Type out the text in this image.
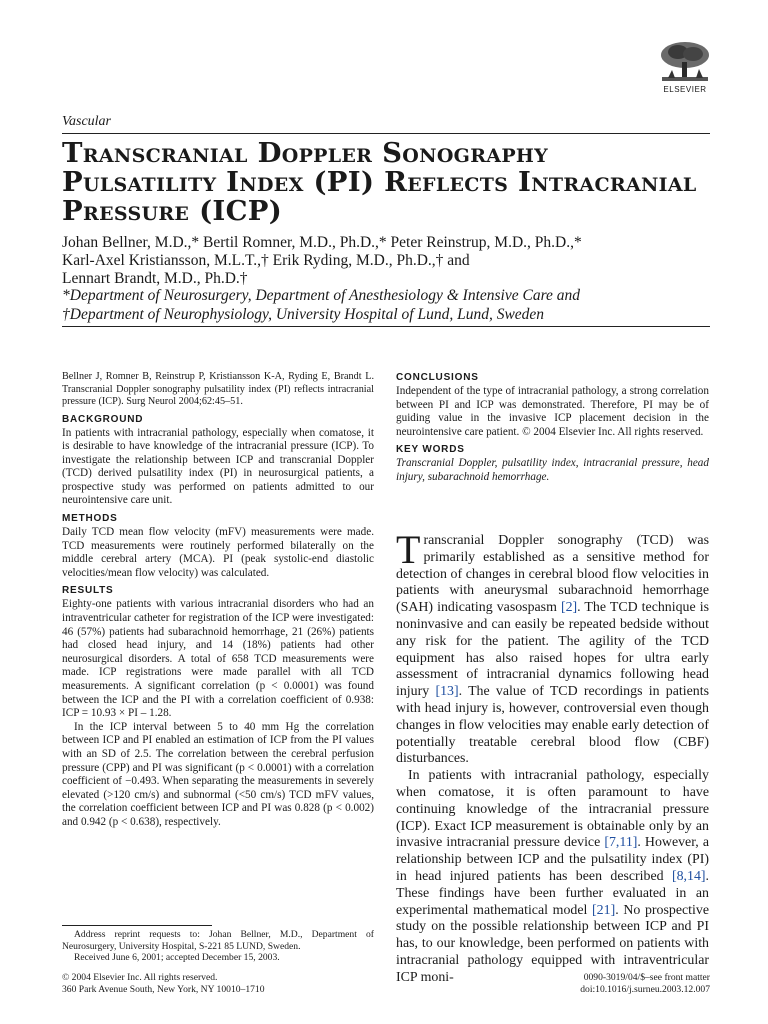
ELSEVIER
Vascular
Transcranial Doppler Sonography Pulsatility Index (PI) Reflects Intracranial Pressure (ICP)
Johan Bellner, M.D.,* Bertil Romner, M.D., Ph.D.,* Peter Reinstrup, M.D., Ph.D.,*
Karl-Axel Kristiansson, M.L.T.,† Erik Ryding, M.D., Ph.D.,† and
Lennart Brandt, M.D., Ph.D.†
*Department of Neurosurgery, Department of Anesthesiology & Intensive Care and
†Department of Neurophysiology, University Hospital of Lund, Lund, Sweden

Bellner J, Romner B, Reinstrup P, Kristiansson K-A, Ryding E, Brandt L. Transcranial Doppler sonography pulsatility index (PI) reflects intracranial pressure (ICP). Surg Neurol 2004;62:45–51.

BACKGROUND

In patients with intracranial pathology, especially when comatose, it is desirable to have knowledge of the intracranial pressure (ICP). To investigate the relationship between ICP and transcranial Doppler (TCD) derived pulsatility index (PI) in neurosurgical patients, a prospective study was performed on patients admitted to our neurointensive care unit.

METHODS

Daily TCD mean flow velocity (mFV) measurements were made. TCD measurements were routinely performed bilaterally on the middle cerebral artery (MCA). PI (peak systolic-end diastolic velocities/mean flow velocity) was calculated.

RESULTS

Eighty-one patients with various intracranial disorders who had an intraventricular catheter for registration of the ICP were investigated: 46 (57%) patients had subarachnoid hemorrhage, 21 (26%) patients had closed head injury, and 14 (18%) patients had other neurosurgical disorders. A total of 658 TCD measurements were made. ICP registrations were made parallel with all TCD measurements. A significant correlation (p < 0.0001) was found between the ICP and the PI with a correlation coefficient of 0.938: ICP = 10.93 × PI – 1.28.

In the ICP interval between 5 to 40 mm Hg the correlation between ICP and PI enabled an estimation of ICP from the PI values with an SD of 2.5. The correlation between the cerebral perfusion pressure (CPP) and PI was significant (p < 0.0001) with a correlation coefficient of −0.493. When separating the measurements in severely elevated (>120 cm/s) and subnormal (<50 cm/s) TCD mFV values, the correlation coefficient between ICP and PI was 0.828 (p < 0.002) and 0.942 (p < 0.638), respectively.

CONCLUSIONS

Independent of the type of intracranial pathology, a strong correlation between PI and ICP was demonstrated. Therefore, PI may be of guiding value in the invasive ICP placement decision in the neurointensive care patient. © 2004 Elsevier Inc. All rights reserved.

KEY WORDS

Transcranial Doppler, pulsatility index, intracranial pressure, head injury, subarachnoid hemorrhage.

Transcranial Doppler sonography (TCD) was primarily established as a sensitive method for detection of changes in cerebral blood flow velocities in patients with aneurysmal subarachnoid hemorrhage (SAH) indicating vasospasm [2]. The TCD technique is noninvasive and can easily be repeated bedside without any risk for the patient. The agility of the TCD equipment has also raised hopes for ultra early assessment of intracranial dynamics following head injury [13]. The value of TCD recordings in patients with head injury is, however, controversial even though changes in flow velocities may enable early detection of potentially treatable cerebral blood flow (CBF) disturbances.

In patients with intracranial pathology, especially when comatose, it is often paramount to have continuing knowledge of the intracranial pressure (ICP). Exact ICP measurement is obtainable only by an invasive intracranial pressure device [7,11]. However, a relationship between ICP and the pulsatility index (PI) in head injured patients has been described [8,14]. These findings have been further evaluated in an experimental mathematical model [21]. No prospective study on the possible relationship between ICP and PI has, to our knowledge, been performed on patients with intracranial pathology equipped with intraventricular ICP moni-

Address reprint requests to: Johan Bellner, M.D., Department of Neurosurgery, University Hospital, S-221 85 LUND, Sweden.

Received June 6, 2001; accepted December 15, 2003.

© 2004 Elsevier Inc. All rights reserved.
360 Park Avenue South, New York, NY 10010–1710
0090-3019/04/$–see front matter
doi:10.1016/j.surneu.2003.12.007
